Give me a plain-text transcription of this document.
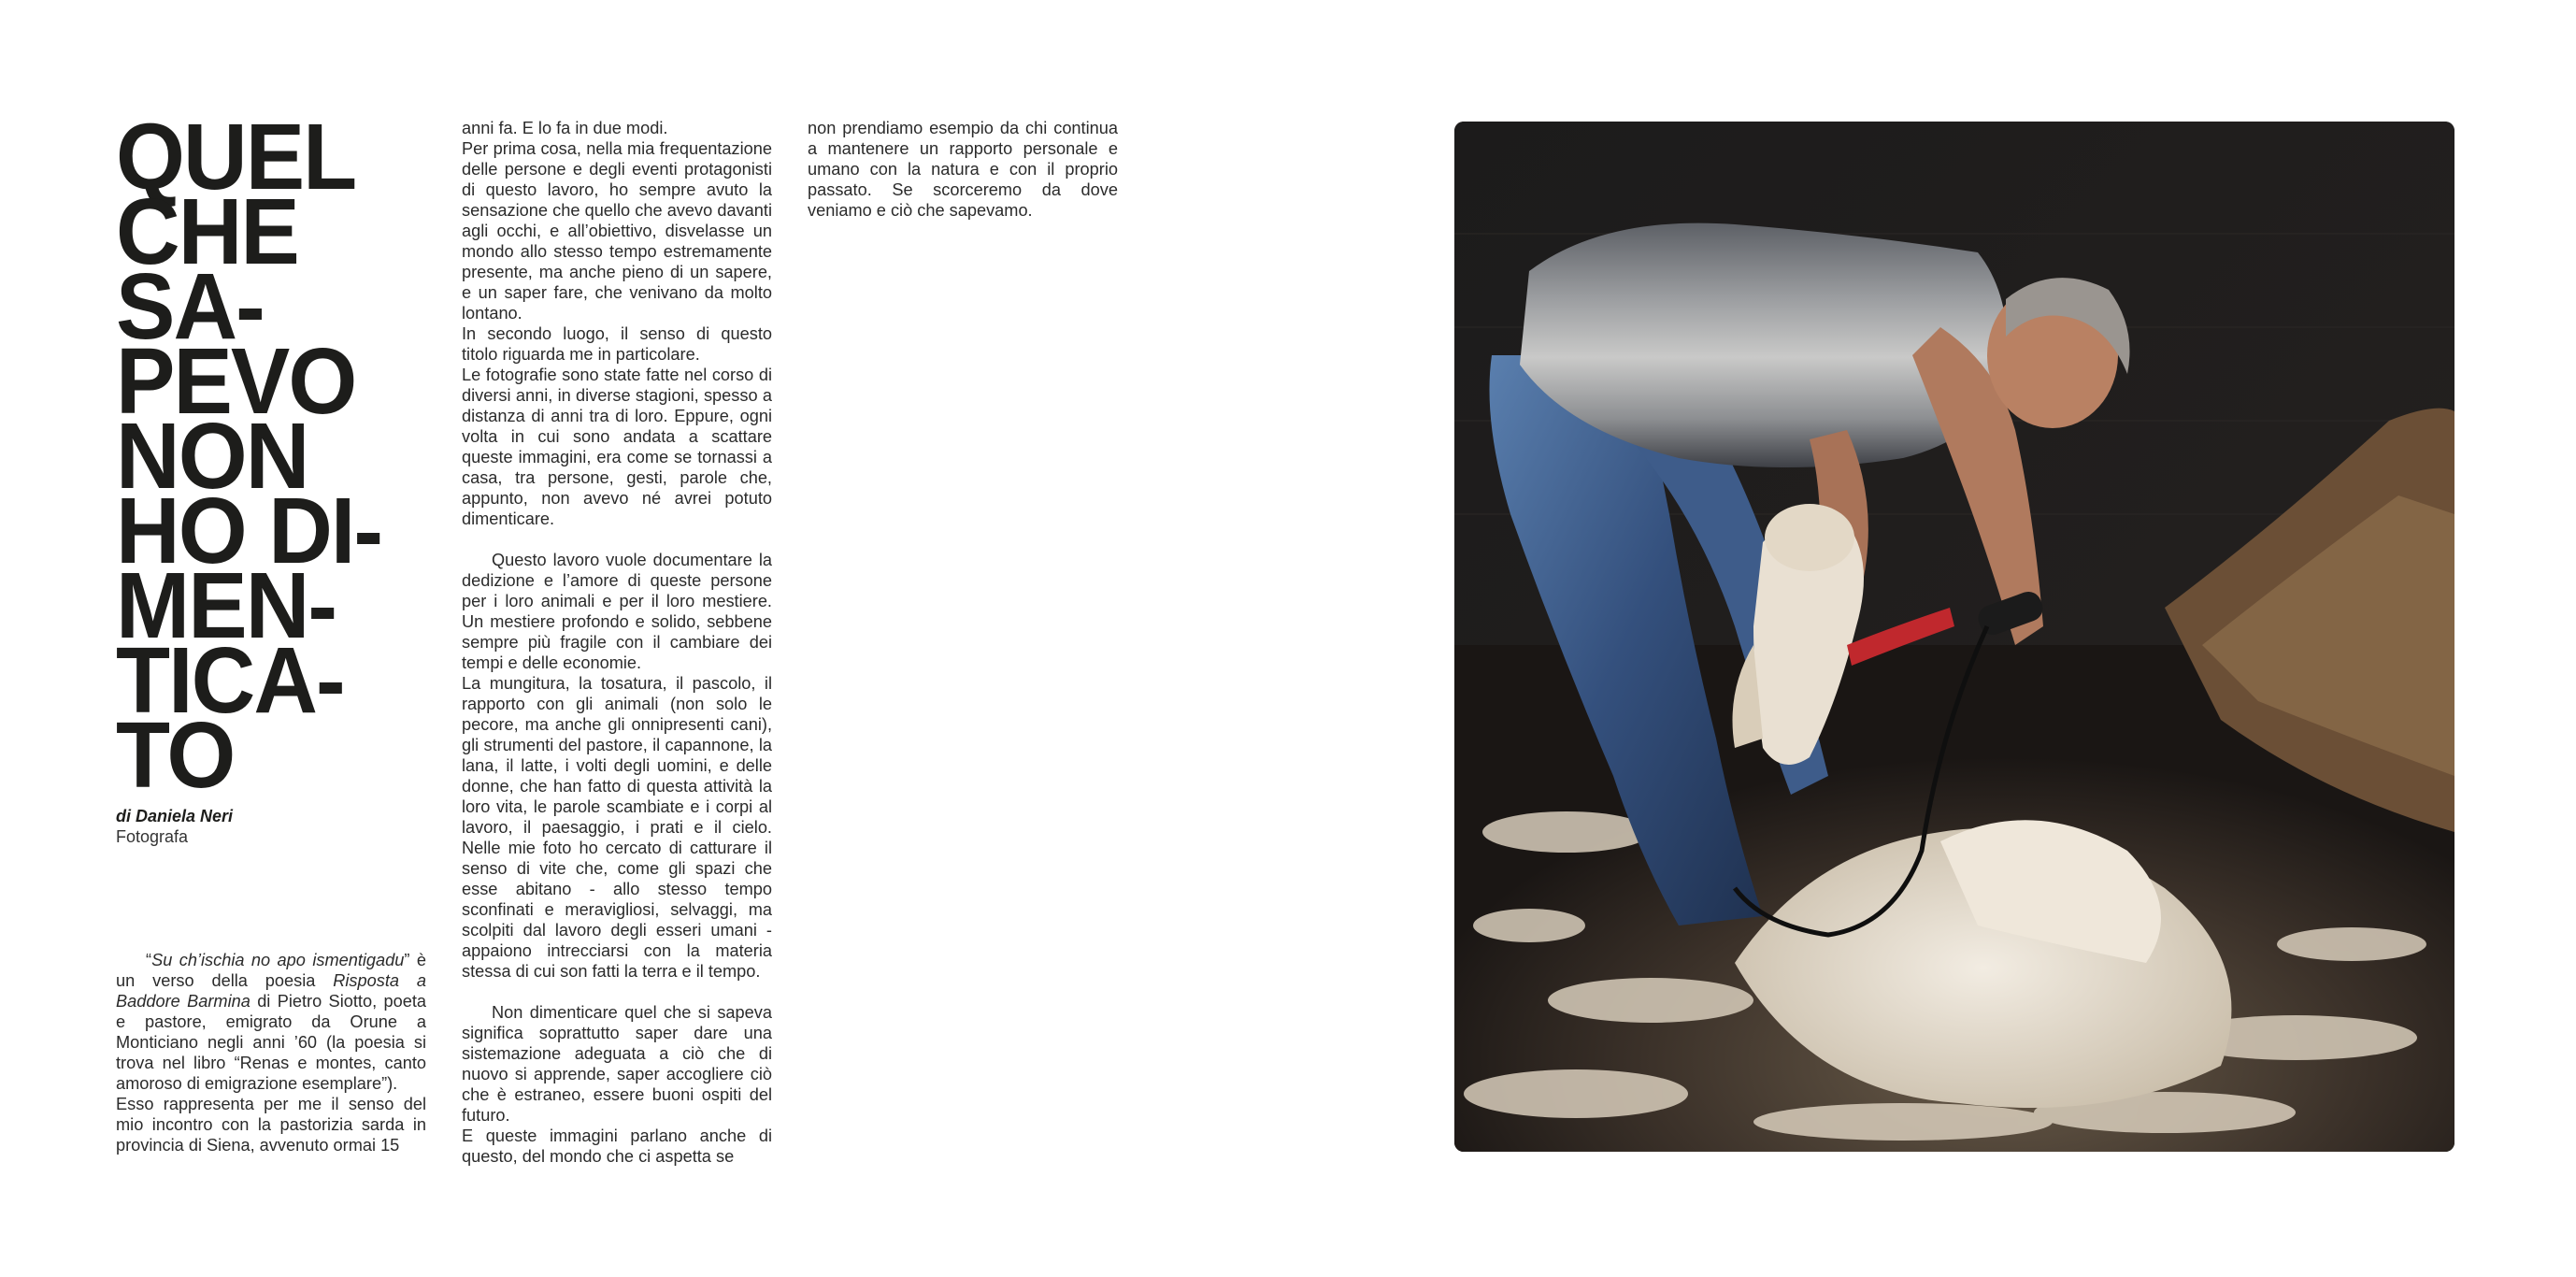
QUEL
CHE
SA-
PEVO
NON
HO DI-
MEN-
TICA-
TO
di Daniela Neri
Fotografa

“Su ch’ischia no apo ismentigadu” è un verso della poesia Risposta a Baddore Barmina di Pietro Siotto, poeta e pastore, emigrato da Orune a Monticiano negli anni ’60 (la poesia si trova nel libro “Renas e montes, canto amoroso di emigrazione esemplare”).

Esso rappresenta per me il senso del mio incontro con la pastorizia sarda in provincia di Siena, avvenuto ormai 15

anni fa. E lo fa in due modi.

Per prima cosa, nella mia frequentazione delle persone e degli eventi protagonisti di questo lavoro, ho sempre avuto la sensazione che quello che avevo davanti agli occhi, e all’obiettivo, disvelasse un mondo allo stesso tempo estremamente presente, ma anche pieno di un sapere, e un saper fare, che venivano da molto lontano.

In secondo luogo, il senso di questo titolo riguarda me in particolare.

Le fotografie sono state fatte nel corso di diversi anni, in diverse stagioni, spesso a distanza di anni tra di loro. Eppure, ogni volta in cui sono andata a scattare queste immagini, era come se tornassi a casa, tra persone, gesti, parole che, appunto, non avevo né avrei potuto dimenticare.

Questo lavoro vuole documentare la dedizione e l’amore di queste persone per i loro animali e per il loro mestiere. Un mestiere profondo e solido, sebbene sempre più fragile con il cambiare dei tempi e delle economie.

La mungitura, la tosatura, il pascolo, il rapporto con gli animali (non solo le pecore, ma anche gli onnipresenti cani), gli strumenti del pastore, il capannone, la lana, il latte, i volti degli uomini, e delle donne, che han fatto di questa attività la loro vita, le parole scambiate e i corpi al lavoro, il paesaggio, i prati e il cielo. Nelle mie foto ho cercato di catturare il senso di vite che, come gli spazi che esse abitano - allo stesso tempo sconfinati e meravigliosi, selvaggi, ma scolpiti dal lavoro degli esseri umani - appaiono intrecciarsi con la materia stessa di cui son fatti la terra e il tempo.

Non dimenticare quel che si sapeva significa soprattutto saper dare una sistemazione adeguata a ciò che di nuovo si apprende, saper accogliere ciò che è estraneo, essere buoni ospiti del futuro.

E queste immagini parlano anche di questo, del mondo che ci aspetta se

non prendiamo esempio da chi continua a mantenere un rapporto personale e umano con la natura e con il proprio passato. Se scorceremo da dove veniamo e ciò che sapevamo.
